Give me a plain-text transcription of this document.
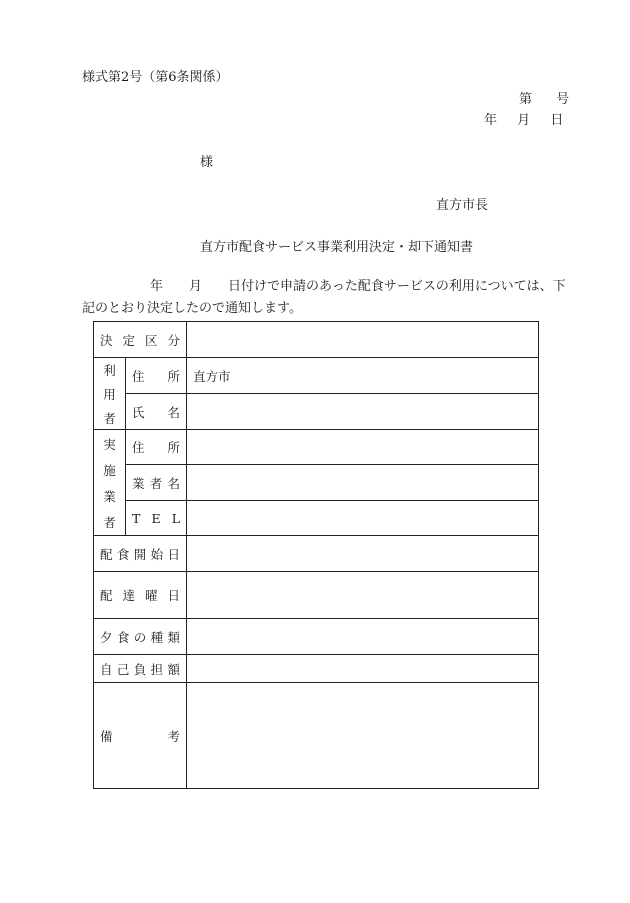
様式第2号（第6条関係）
第 号
年 月 日
様
直方市長
直方市配食サービス事業利用決定・却下通知書
年 月 日付けで申請のあった配食サービスの利用については、下記のとおり決定したので通知します。
決 定 区 分		

利
用
者	住 所	直方市

	氏 名	

実
施
業
者	住 所	

	業 者 名	

	T E L	

配 食 開 始 日		

配 達 曜 日		

夕 食 の 種 類		

自 己 負 担 額		

備 考		
